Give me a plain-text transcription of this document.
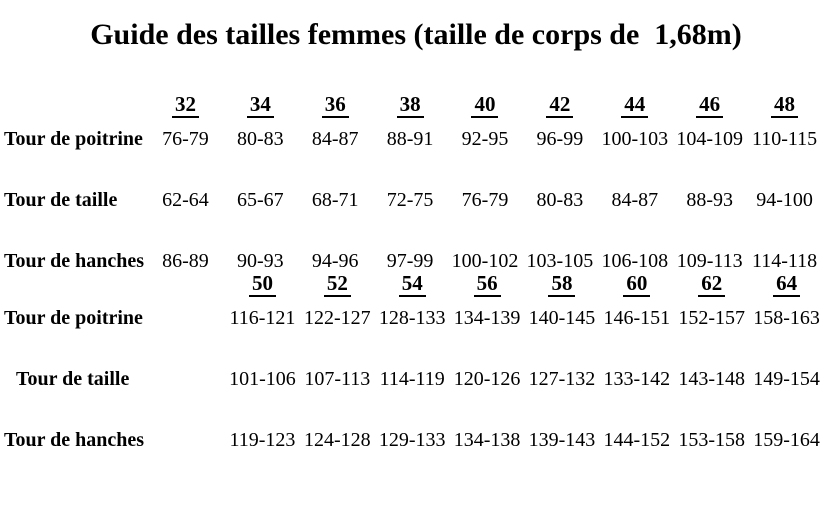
Guide des tailles femmes (taille de corps de  1,68m)
32	34	36	38	40	42	44	46	48
Tour de poitrine 76-79	80-83	84-87	88-91	92-95	96-99 100-103 104-109 110-115
Tour de taille	62-64	65-67	68-71	72-75	76-79	80-83	84-87	88-93	94-100
Tour de hanches 86-89	90-93	94-96	97-99 100-102 103-105 106-108 109-113 114-118
50	52	54	56	58	60	62	64
Tour de poitrine	116-121 122-127 128-133 134-139 140-145 146-151 152-157 158-163
Tour de taille	101-106 107-113 114-119 120-126 127-132 133-142 143-148 149-154
Tour de hanches	119-123 124-128 129-133 134-138 139-143 144-152 153-158 159-164
